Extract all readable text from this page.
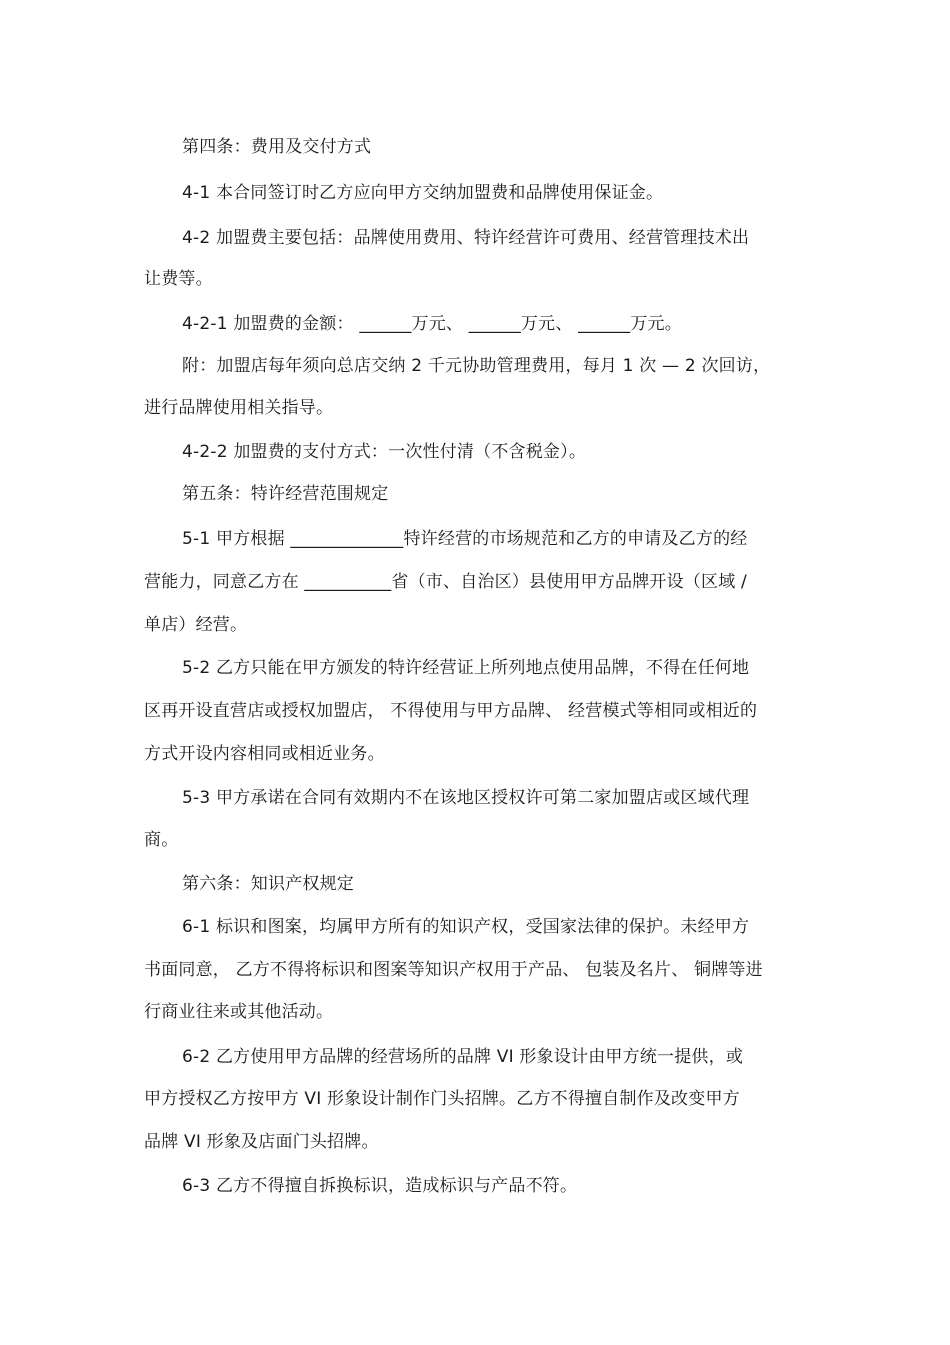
第四条：费用及交付方式
4-1 本合同签订时乙方应向甲方交纳加盟费和品牌使用保证金。
4-2 加盟费主要包括：品牌使用费用、特许经营许可费用、经营管理技术出
让费等。
4-2-1 加盟费的金额： ______万元、 ______万元、 ______万元。
附：加盟店每年须向总店交纳 2 千元协助管理费用，每月 1 次 — 2 次回访，
进行品牌使用相关指导。
4-2-2 加盟费的支付方式：一次性付清（不含税金）。
第五条：特许经营范围规定
5-1 甲方根据 _____________特许经营的市场规范和乙方的申请及乙方的经
营能力，同意乙方在 __________省（市、自治区）县使用甲方品牌开设（区域 /
单店）经营。
5-2 乙方只能在甲方颁发的特许经营证上所列地点使用品牌，不得在任何地
区再开设直营店或授权加盟店， 不得使用与甲方品牌、 经营模式等相同或相近的
方式开设内容相同或相近业务。
5-3 甲方承诺在合同有效期内不在该地区授权许可第二家加盟店或区域代理
商。
第六条：知识产权规定
6-1 标识和图案，均属甲方所有的知识产权，受国家法律的保护。未经甲方
书面同意， 乙方不得将标识和图案等知识产权用于产品、 包装及名片、 铜牌等进
行商业往来或其他活动。
6-2 乙方使用甲方品牌的经营场所的品牌 VI 形象设计由甲方统一提供，或
甲方授权乙方按甲方 VI 形象设计制作门头招牌。乙方不得擅自制作及改变甲方
品牌 VI 形象及店面门头招牌。
6-3 乙方不得擅自拆换标识，造成标识与产品不符。
